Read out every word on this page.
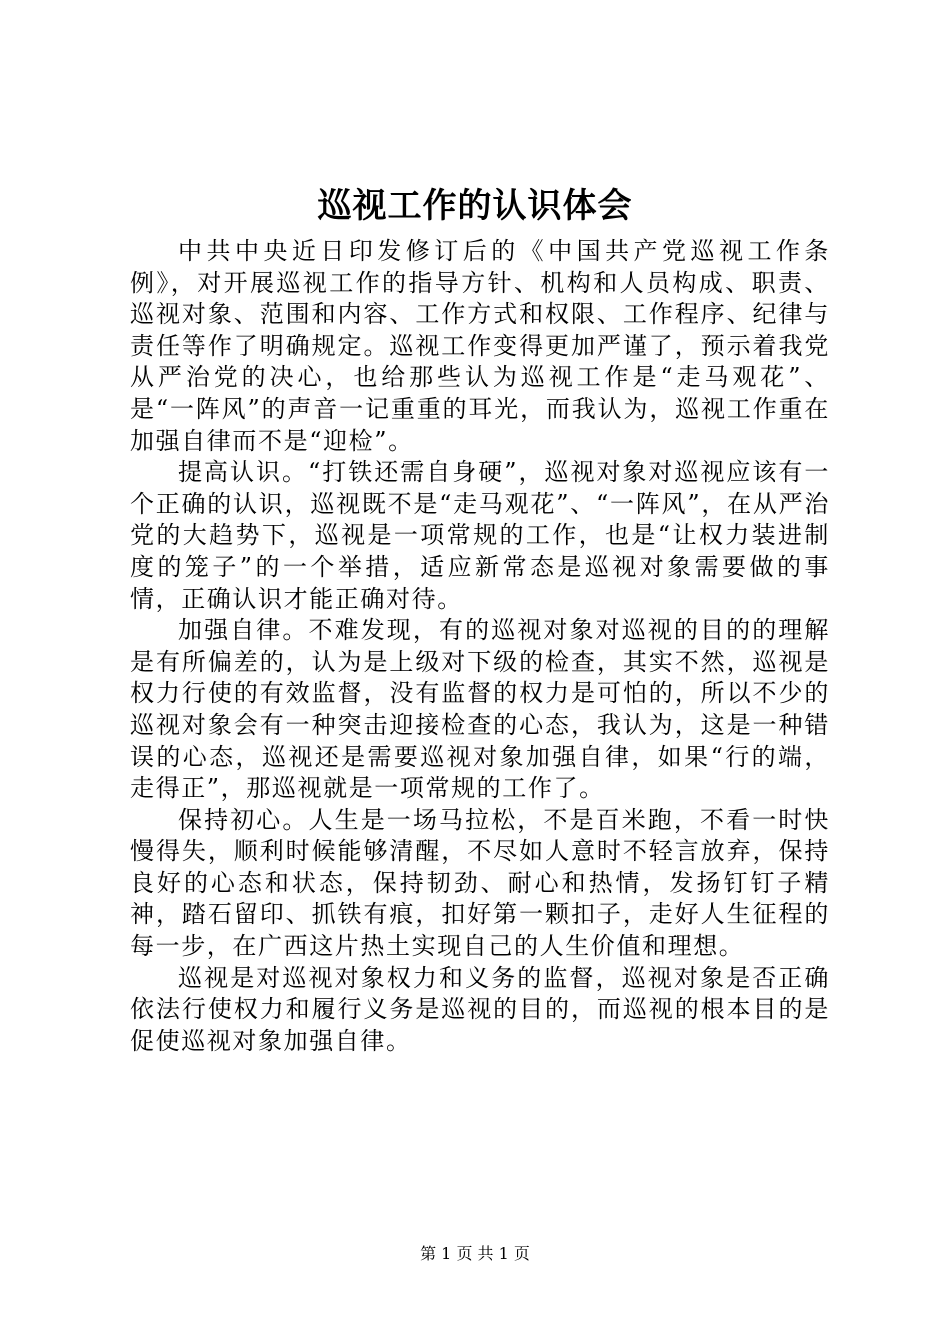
巡视工作的认识体会

中共中央近日印发修订后的《中国共产党巡视工作条例》，对开展巡视工作的指导方针、机构和人员构成、职责、巡视对象、范围和内容、工作方式和权限、工作程序、纪律与责任等作了明确规定。巡视工作变得更加严谨了，预示着我党从严治党的决心，也给那些认为巡视工作是“走马观花”、是“一阵风”的声音一记重重的耳光，而我认为，巡视工作重在加强自律而不是“迎检”。

提高认识。“打铁还需自身硬”，巡视对象对巡视应该有一个正确的认识，巡视既不是“走马观花”、“一阵风”，在从严治党的大趋势下，巡视是一项常规的工作，也是“让权力装进制度的笼子”的一个举措，适应新常态是巡视对象需要做的事情，正确认识才能正确对待。

加强自律。不难发现，有的巡视对象对巡视的目的的理解是有所偏差的，认为是上级对下级的检查，其实不然，巡视是权力行使的有效监督，没有监督的权力是可怕的，所以不少的巡视对象会有一种突击迎接检查的心态，我认为，这是一种错误的心态，巡视还是需要巡视对象加强自律，如果“行的端，走得正”，那巡视就是一项常规的工作了。

保持初心。人生是一场马拉松，不是百米跑，不看一时快慢得失，顺利时候能够清醒，不尽如人意时不轻言放弃，保持良好的心态和状态，保持韧劲、耐心和热情，发扬钉钉子精神，踏石留印、抓铁有痕，扣好第一颗扣子，走好人生征程的每一步，在广西这片热土实现自己的人生价值和理想。

巡视是对巡视对象权力和义务的监督，巡视对象是否正确依法行使权力和履行义务是巡视的目的，而巡视的根本目的是促使巡视对象加强自律。

第 1 页 共 1 页
